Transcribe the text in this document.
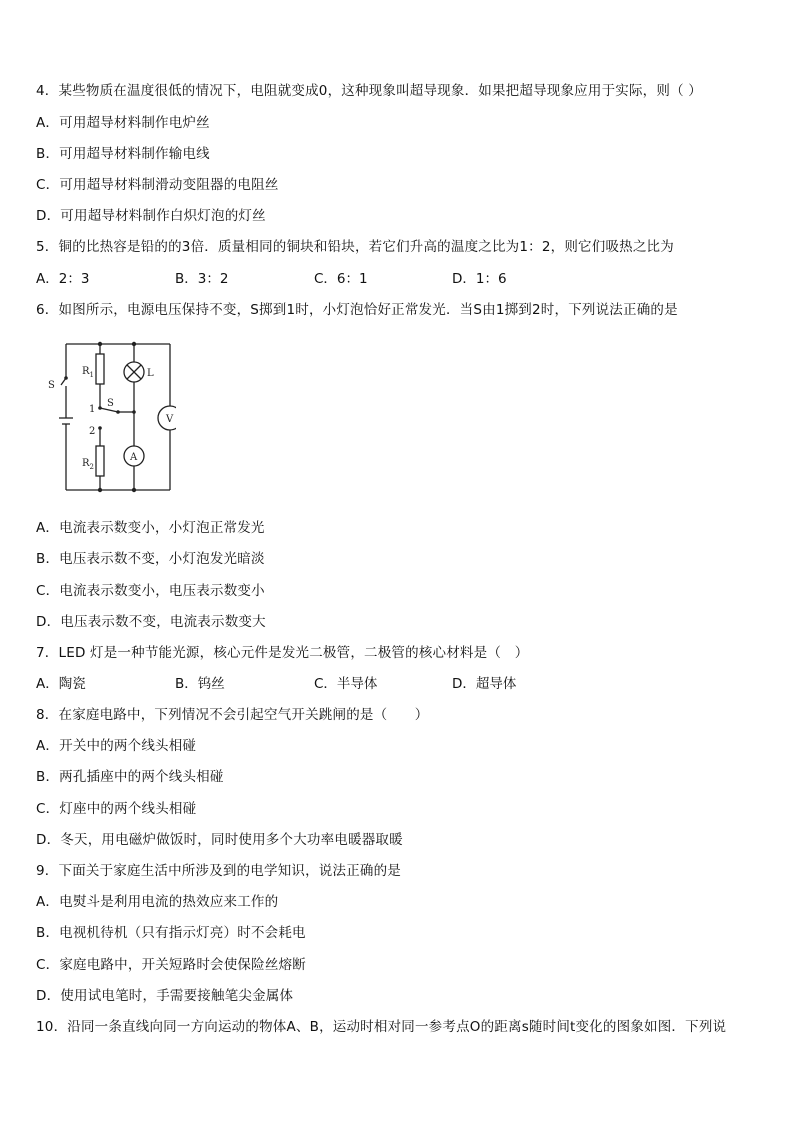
4．某些物质在温度很低的情况下，电阻就变成0，这种现象叫超导现象．如果把超导现象应用于实际，则（ ）
A．可用超导材料制作电炉丝
B．可用超导材料制作输电线
C．可用超导材料制滑动变阻器的电阻丝
D．可用超导材料制作白炽灯泡的灯丝
5．铜的比热容是铅的的3倍．质量相同的铜块和铅块，若它们升高的温度之比为1：2，则它们吸热之比为
A．2：3	B．3：2	C．6：1	D．1：6
6．如图所示，电源电压保持不变，S掷到1时，小灯泡恰好正常发光．当S由1掷到2时，下列说法正确的是
S
$R_1$
$R_2$
L
V
A
1
2
S
A．电流表示数变小，小灯泡正常发光
B．电压表示数不变，小灯泡发光暗淡
C．电流表示数变小，电压表示数变小
D．电压表示数不变，电流表示数变大
7．LED 灯是一种节能光源，核心元件是发光二极管，二极管的核心材料是（　）
A．陶瓷	B．钨丝	C．半导体	D．超导体
8．在家庭电路中，下列情况不会引起空气开关跳闸的是（　　）
A．开关中的两个线头相碰
B．两孔插座中的两个线头相碰
C．灯座中的两个线头相碰
D．冬天，用电磁炉做饭时，同时使用多个大功率电暖器取暖
9．下面关于家庭生活中所涉及到的电学知识，说法正确的是
A．电熨斗是利用电流的热效应来工作的
B．电视机待机（只有指示灯亮）时不会耗电
C．家庭电路中，开关短路时会使保险丝熔断
D．使用试电笔时，手需要接触笔尖金属体
10．沿同一条直线向同一方向运动的物体A、B，运动时相对同一参考点O的距离s随时间t变化的图象如图．下列说
